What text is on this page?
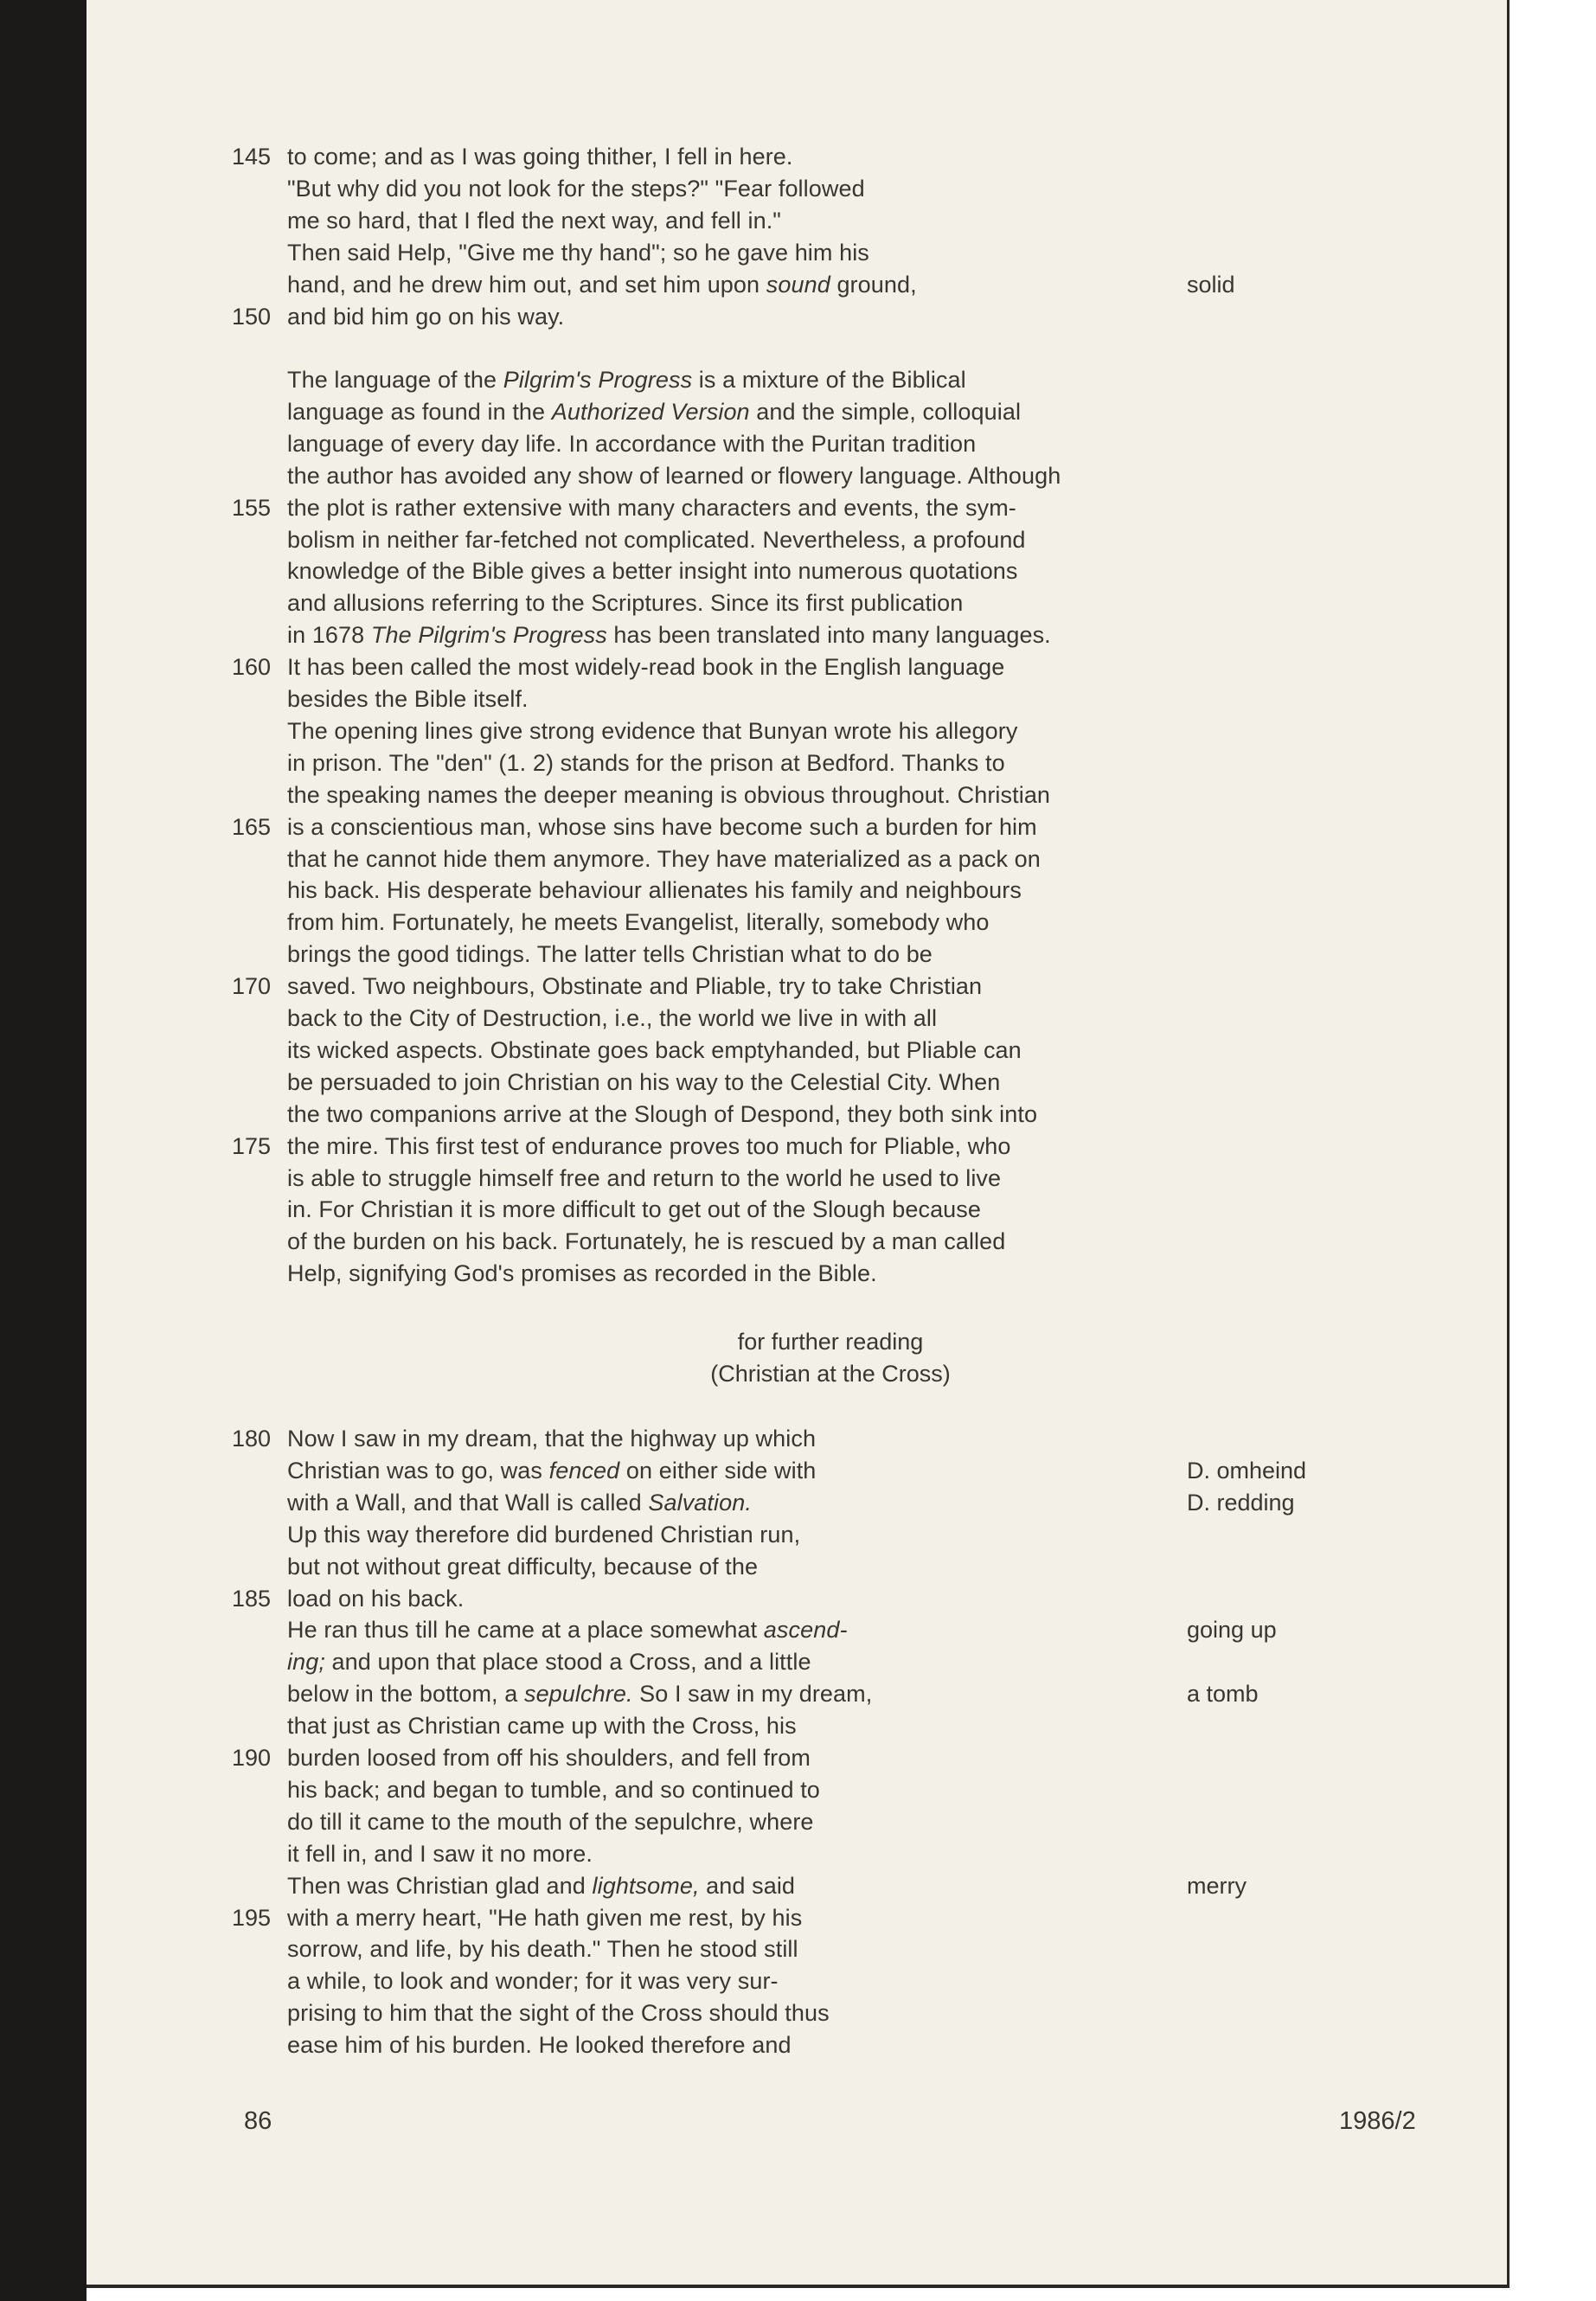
to come; and as I was going thither, I fell in here.
145
"But why did you not look for the steps?" "Fear followed
me so hard, that I fled the next way, and fell in."
Then said Help, "Give me thy hand"; so he gave him his
hand, and he drew him out, and set him upon sound ground,	solid
and bid him go on his way.
150
The language of the Pilgrim's Progress is a mixture of the Biblical
language as found in the Authorized Version and the simple, colloquial
language of every day life. In accordance with the Puritan tradition
the author has avoided any show of learned or flowery language. Although
the plot is rather extensive with many characters and events, the sym-
155
bolism in neither far-fetched not complicated. Nevertheless, a profound
knowledge of the Bible gives a better insight into numerous quotations
and allusions referring to the Scriptures. Since its first publication
in 1678 The Pilgrim's Progress has been translated into many languages.
It has been called the most widely-read book in the English language
160
besides the Bible itself.
The opening lines give strong evidence that Bunyan wrote his allegory
in prison. The "den" (1. 2) stands for the prison at Bedford. Thanks to
the speaking names the deeper meaning is obvious throughout. Christian
is a conscientious man, whose sins have become such a burden for him
165
that he cannot hide them anymore. They have materialized as a pack on
his back. His desperate behaviour allienates his family and neighbours
from him. Fortunately, he meets Evangelist, literally, somebody who
brings the good tidings. The latter tells Christian what to do be
saved. Two neighbours, Obstinate and Pliable, try to take Christian
170
back to the City of Destruction, i.e., the world we live in with all
its wicked aspects. Obstinate goes back emptyhanded, but Pliable can
be persuaded to join Christian on his way to the Celestial City. When
the two companions arrive at the Slough of Despond, they both sink into
the mire. This first test of endurance proves too much for Pliable, who
175
is able to struggle himself free and return to the world he used to live
in. For Christian it is more difficult to get out of the Slough because
of the burden on his back. Fortunately, he is rescued by a man called
Help, signifying God's promises as recorded in the Bible.
Now I saw in my dream, that the highway up which
180
Christian was to go, was fenced on either side with	D. omheind
with a Wall, and that Wall is called Salvation.	D. redding
Up this way therefore did burdened Christian run,
but not without great difficulty, because of the
load on his back.
185
He ran thus till he came at a place somewhat ascend-	going up
ing; and upon that place stood a Cross, and a little
below in the bottom, a sepulchre. So I saw in my dream,	a tomb
that just as Christian came up with the Cross, his
burden loosed from off his shoulders, and fell from
190
his back; and began to tumble, and so continued to
do till it came to the mouth of the sepulchre, where
it fell in, and I saw it no more.
Then was Christian glad and lightsome, and said	merry
with a merry heart, "He hath given me rest, by his
195
sorrow, and life, by his death." Then he stood still
a while, to look and wonder; for it was very sur-
prising to him that the sight of the Cross should thus
ease him of his burden. He looked therefore and
for further reading
(Christian at the Cross)
86	1986/2
